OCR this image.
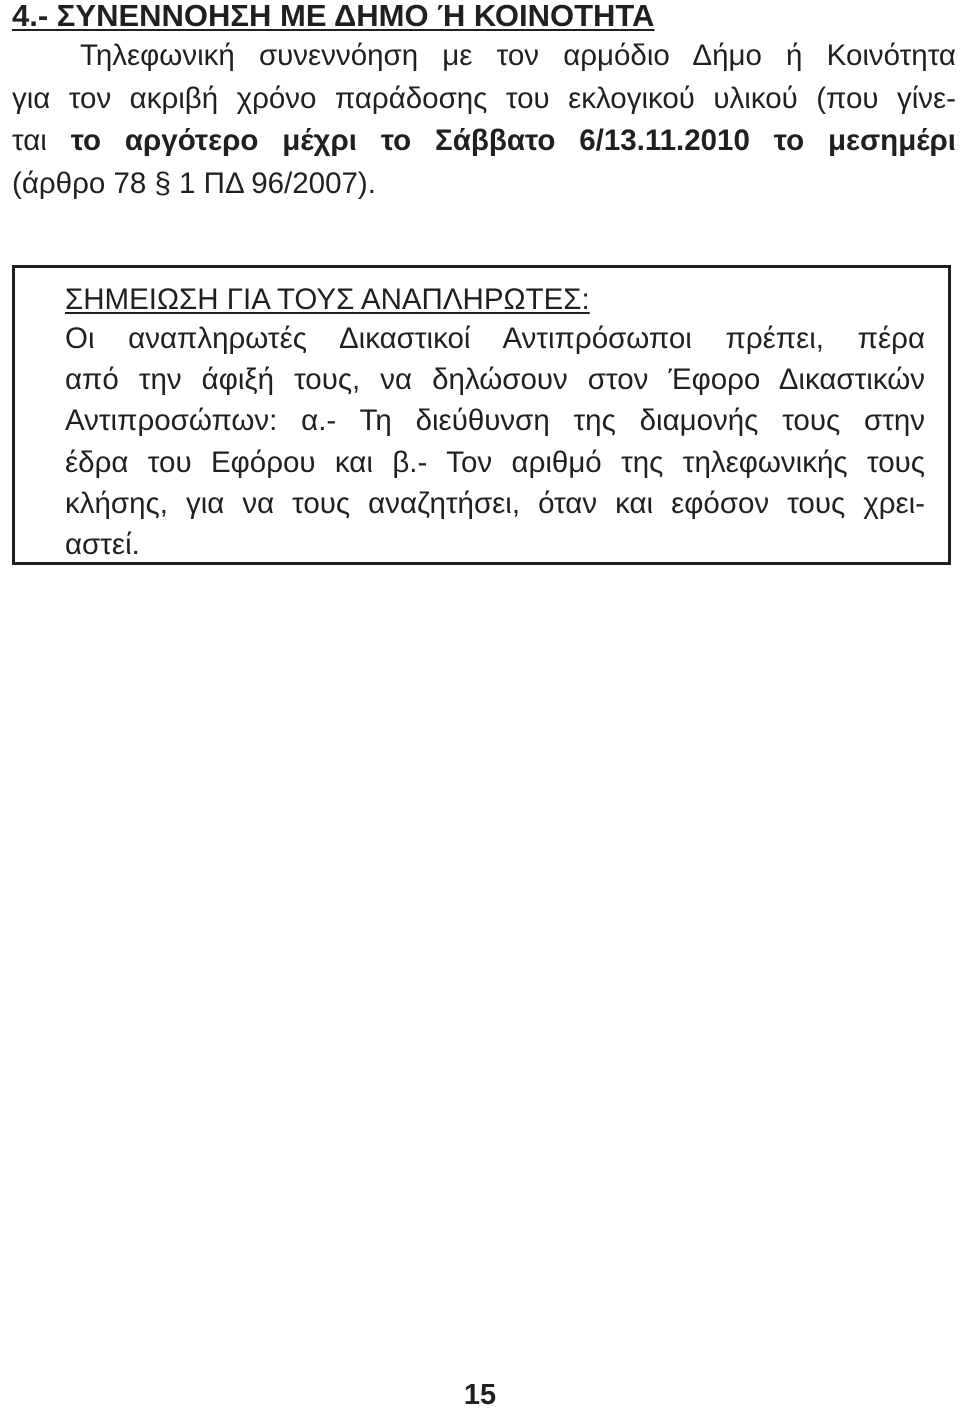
4.- ΣΥΝΕΝΝΟΗΣΗ ΜΕ ΔΗΜΟ Ή ΚΟΙΝΟΤΗΤΑ

Τηλεφωνική συνεννόηση με τον αρμόδιο Δήμο ή Κοινότητα
για τον ακριβή χρόνο παράδοσης του εκλογικού υλικού (που γίνε-
ται το αργότερο μέχρι το Σάββατο 6/13.11.2010 το μεσημέρι
(άρθρο 78 § 1 ΠΔ 96/2007).

ΣΗΜΕΙΩΣΗ ΓΙΑ ΤΟΥΣ ΑΝΑΠΛΗΡΩΤΕΣ:

Οι αναπληρωτές Δικαστικοί Αντιπρόσωποι πρέπει, πέρα
από την άφιξή τους, να δηλώσουν στον Έφορο Δικαστικών
Αντιπροσώπων: α.- Τη διεύθυνση της διαμονής τους στην
έδρα του Εφόρου και β.- Τον αριθμό της τηλεφωνικής τους
κλήσης, για να τους αναζητήσει, όταν και εφόσον τους χρει-
αστεί.

15
